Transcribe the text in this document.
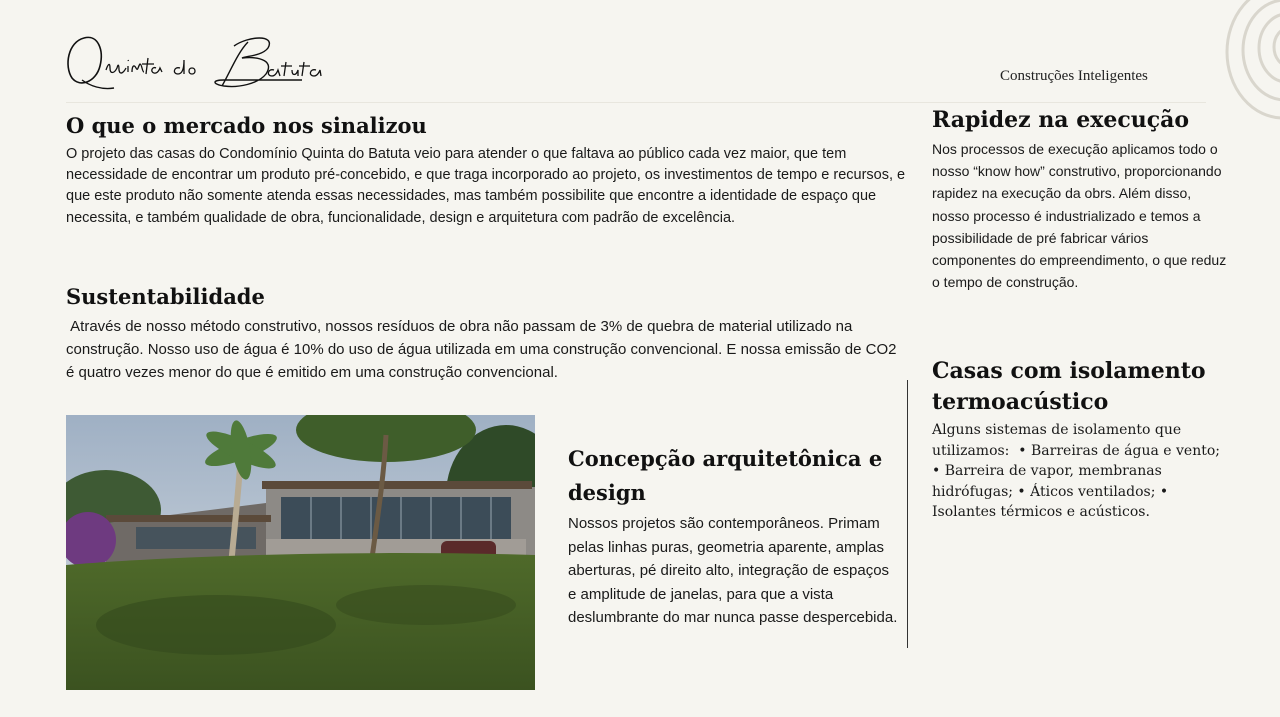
Construções Inteligentes
O que o mercado nos sinalizou
O projeto das casas do Condomínio Quinta do Batuta veio para atender o que faltava ao público cada vez maior, que tem necessidade de encontrar um produto pré-concebido, e que traga incorporado ao projeto, os investimentos de tempo e recursos, e que este produto não somente atenda essas necessidades, mas também possibilite que encontre a identidade de espaço que necessita, e também qualidade de obra, funcionalidade, design e arquitetura com padrão de excelência.
Sustentabilidade
Através de nosso método construtivo, nossos resíduos de obra não passam de 3% de quebra de material utilizado na construção. Nosso uso de água é 10% do uso de água utilizada em uma construção convencional. E nossa emissão de CO2 é quatro vezes menor do que é emitido em uma construção convencional.
Concepção arquitetônica e design
Nossos projetos são contemporâneos. Primam pelas linhas puras, geometria aparente, amplas aberturas, pé direito alto, integração de espaços e amplitude de janelas, para que a vista deslumbrante do mar nunca passe despercebida.
Rapidez na execução
Nos processos de execução aplicamos todo o nosso “know how” construtivo, proporcionando rapidez na execução da obrs. Além disso, nosso processo é industrializado e temos a possibilidade de pré fabricar vários componentes do empreendimento, o que reduz o tempo de construção.
Casas com isolamento termoacústico
Alguns sistemas de isolamento que utilizamos:  • Barreiras de água e vento; • Barreira de vapor, membranas hidrófugas; • Áticos ventilados; • Isolantes térmicos e acústicos.
